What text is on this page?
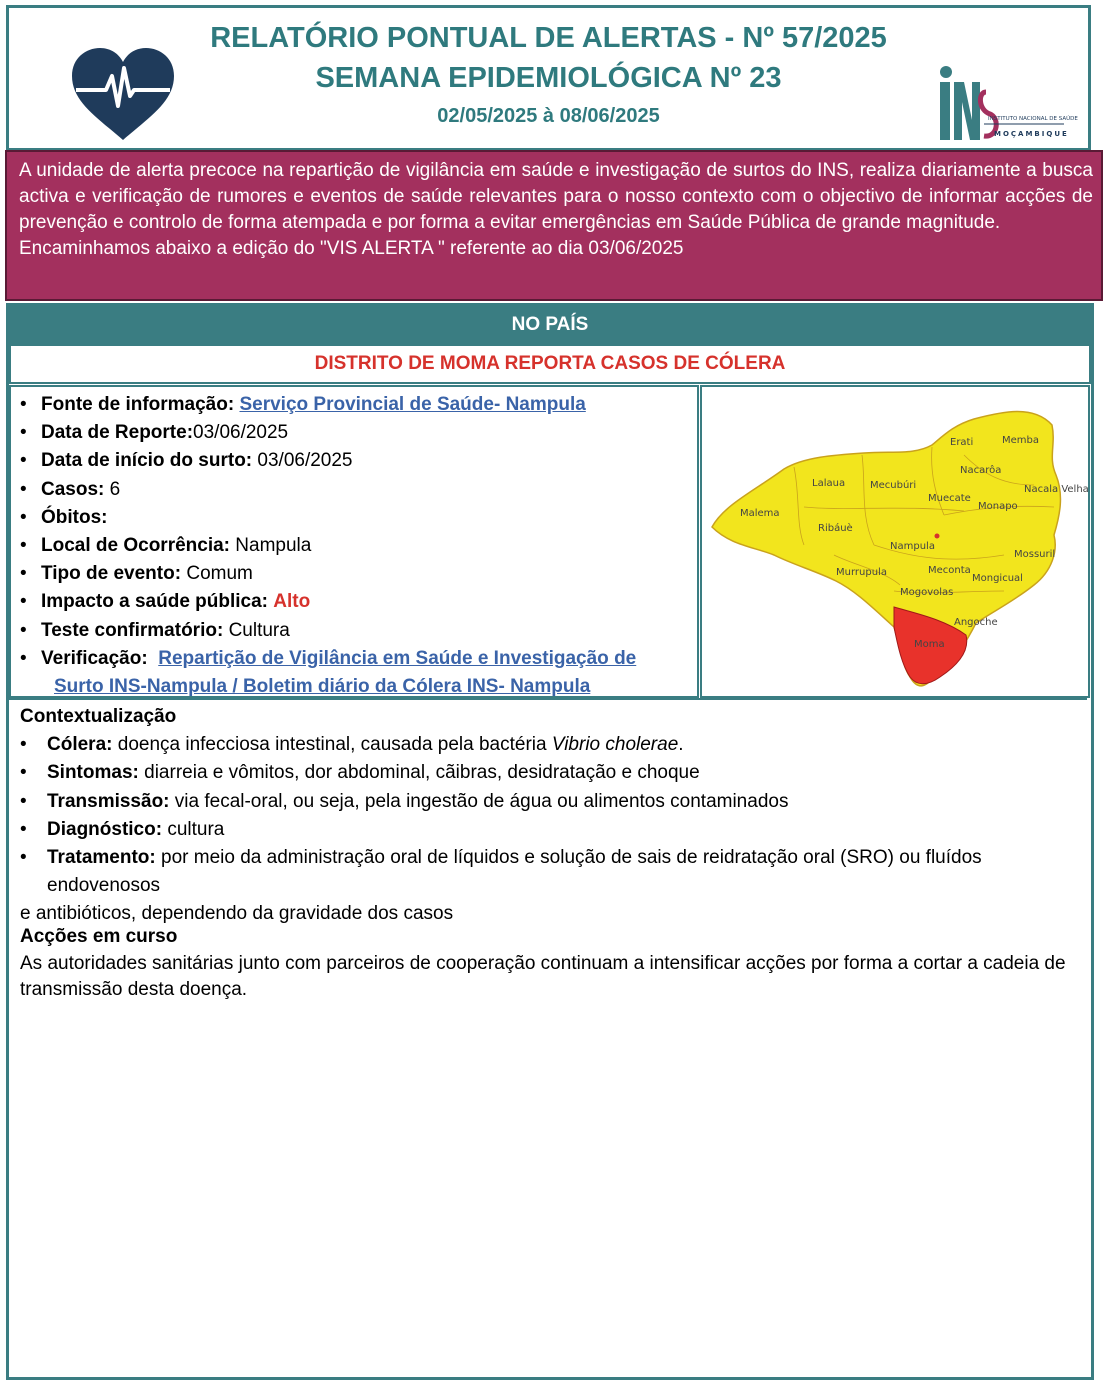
RELATÓRIO PONTUAL DE ALERTAS - Nº 57/2025
SEMANA EPIDEMIOLÓGICA Nº 23
02/05/2025 à 08/06/2025	INSTITUTO NACIONAL DE SAÚDE
MOÇAMBIQUE

A unidade de alerta precoce na repartição de vigilância em saúde e investigação de surtos do INS, realiza diariamente a busca activa e verificação de rumores e eventos de saúde relevantes para o nosso contexto com o objectivo de informar acções de prevenção e controlo de forma atempada e por forma a evitar emergências em Saúde Pública de grande magnitude.

Encaminhamos abaixo a edição do "VIS ALERTA " referente ao dia 03/06/2025

NO PAÍS
DISTRITO DE MOMA REPORTA CASOS DE CÓLERA
• Fonte de informação: Serviço Provincial de Saúde- Nampula
• Data de Reporte:03/06/2025
• Data de início do surto: 03/06/2025
• Casos: 6
• Óbitos:
• Local de Ocorrência: Nampula
• Tipo de evento: Comum
• Impacto a saúde pública: Alto
• Teste confirmatório: Cultura
• Verificação: Repartição de Vigilância em Saúde e Investigação de
Surto INS-Nampula / Boletim diário da Cólera INS- Nampula
Erati	Memba
Lalaua
Meconta
Nacarôa
Nacala Velha
Malema
Muecate
Monapo
Ribáuè
Nampula
Mossuril
Mecubúri
Mongicual
Murrupula
Mogovolas
Angoche
Moma
Contextualização
• Cólera: doença infecciosa intestinal, causada pela bactéria Vibrio cholerae.
• Sintomas: diarreia e vômitos, dor abdominal, cãibras, desidratação e choque
• Transmissão: via fecal-oral, ou seja, pela ingestão de água ou alimentos contaminados
• Diagnóstico: cultura
• Tratamento: por meio da administração oral de líquidos e solução de sais de reidratação oral (SRO) ou fluídos endovenosos
e antibióticos, dependendo da gravidade dos casos
Acções em curso
As autoridades sanitárias junto com parceiros de cooperação continuam a intensificar acções por forma a cortar a cadeia de transmissão desta doença.
